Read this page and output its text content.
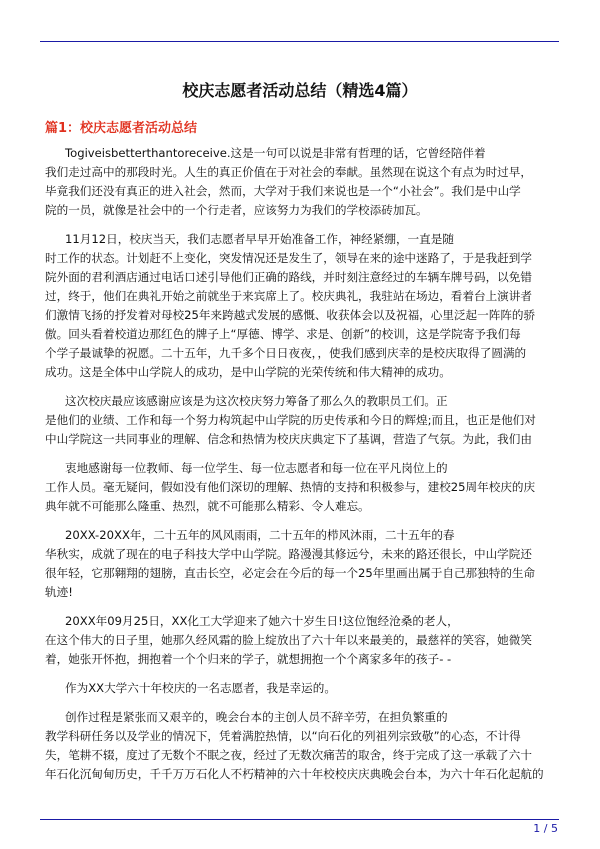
校庆志愿者活动总结（精选4篇）
篇1：校庆志愿者活动总结

Togiveisbetterthantoreceive.这是一句可以说是非常有哲理的话，它曾经陪伴着
我们走过高中的那段时光。人生的真正价值在于对社会的奉献。虽然现在说这个有点为时过早，
毕竟我们还没有真正的进入社会，然而，大学对于我们来说也是一个“小社会”。我们是中山学
院的一员，就像是社会中的一个行走者，应该努力为我们的学校添砖加瓦。

11月12日，校庆当天，我们志愿者早早开始准备工作，神经紧绷，一直是随
时工作的状态。计划赶不上变化，突发情况还是发生了，领导在来的途中迷路了，于是我赶到学
院外面的君利酒店通过电话口述引导他们正确的路线，并时刻注意经过的车辆车牌号码，以免错
过，终于，他们在典礼开始之前就坐于来宾席上了。校庆典礼，我驻站在场边，看着台上演讲者
们激情飞扬的抒发着对母校25年来跨越式发展的感慨、收获体会以及祝福，心里泛起一阵阵的骄
傲。回头看着校道边那红色的牌子上“厚德、博学、求是、创新”的校训，这是学院寄予我们每
个学子最诚挚的祝愿。二十五年，九千多个日日夜夜，，使我们感到庆幸的是校庆取得了圆满的
成功。这是全体中山学院人的成功，是中山学院的光荣传统和伟大精神的成功。

这次校庆最应该感谢应该是为这次校庆努力筹备了那么久的教职员工们。正
是他们的业绩、工作和每一个努力构筑起中山学院的历史传承和今日的辉煌;而且，也正是他们对
中山学院这一共同事业的理解、信念和热情为校庆庆典定下了基调，营造了气氛。为此，我们由

衷地感谢每一位教师、每一位学生、每一位志愿者和每一位在平凡岗位上的
工作人员。毫无疑问，假如没有他们深切的理解、热情的支持和积极参与，建校25周年校庆的庆
典年就不可能那么隆重、热烈，就不可能那么精彩、令人难忘。

20XX-20XX年，二十五年的风风雨雨，二十五年的栉风沐雨，二十五年的春
华秋实，成就了现在的电子科技大学中山学院。路漫漫其修远兮，未来的路还很长，中山学院还
很年轻，它那翱翔的翅膀，直击长空，必定会在今后的每一个25年里画出属于自己那独特的生命
轨迹!

20XX年09月25日，XX化工大学迎来了她六十岁生日!这位饱经沧桑的老人，
在这个伟大的日子里，她那久经风霜的脸上绽放出了六十年以来最美的，最慈祥的笑容，她微笑
着，她张开怀抱，拥抱着一个个归来的学子，就想拥抱一个个离家多年的孩子- -

作为XX大学六十年校庆的一名志愿者，我是幸运的。

创作过程是紧张而又艰辛的，晚会台本的主创人员不辞辛劳，在担负繁重的
教学科研任务以及学业的情况下，凭着满腔热情，以“向石化的列祖列宗致敬”的心态，不计得
失，笔耕不辍，度过了无数个不眠之夜，经过了无数次痛苦的取舍，终于完成了这一承载了六十
年石化沉甸甸历史，千千万万石化人不朽精神的六十年校校庆庆典晚会台本，为六十年石化起航的

1 / 5
